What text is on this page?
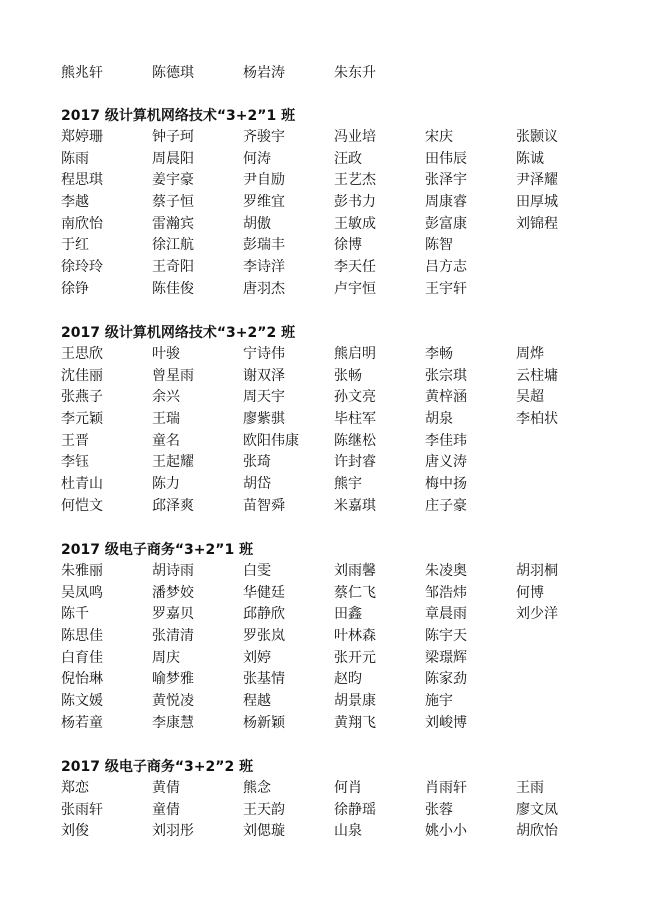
熊兆轩	陈德琪	杨岩涛	朱东升
2017 级计算机网络技术“3+2”1 班
郑婷珊	钟子珂	齐骏宇	冯业培	宋庆	张颢议
陈雨	周晨阳	何涛	汪政	田伟辰	陈诚
程思琪	姜宇豪	尹自励	王艺杰	张泽宇	尹泽耀
李越	蔡子恒	罗维宜	彭书力	周康睿	田厚城
南欣怡	雷瀚宾	胡傲	王敏成	彭富康	刘锦程
于红	徐江航	彭瑞丰	徐博	陈智
徐玲玲	王奇阳	李诗洋	李天任	吕方志
徐铮	陈佳俊	唐羽杰	卢宇恒	王宇轩
2017 级计算机网络技术“3+2”2 班
王思欣	叶骏	宁诗伟	熊启明	李畅	周烨
沈佳丽	曾星雨	谢双泽	张畅	张宗琪	云柱墉
张燕子	余兴	周天宇	孙文亮	黄梓涵	吴超
李元颖	王瑞	廖紫骐	毕柱军	胡泉	李柏状
王晋	童名	欧阳伟康	陈继松	李佳玮
李钰	王起耀	张琦	许封睿	唐义涛
杜青山	陈力	胡岱	熊宇	梅中扬
何恺文	邱泽爽	苗智舜	米嘉琪	庄子豪
2017 级电子商务“3+2”1 班
朱雅丽	胡诗雨	白雯	刘雨馨	朱凌奥	胡羽桐
吴凤鸣	潘梦姣	华健廷	蔡仁飞	邹浩炜	何博
陈千	罗嘉贝	邱静欣	田鑫	章晨雨	刘少洋
陈思佳	张清清	罗张岚	叶林森	陈宇天
白育佳	周庆	刘婷	张开元	梁璟辉
倪怡琳	喻梦雅	张基情	赵昀	陈家劲
陈文媛	黄悦凌	程越	胡景康	施宇
杨若童	李康慧	杨新颖	黄翔飞	刘峻博
2017 级电子商务“3+2”2 班
郑恋	黄倩	熊念	何肖	肖雨轩	王雨
张雨轩	童倩	王天韵	徐静瑶	张蓉	廖文凤
刘俊	刘羽彤	刘偲璇	山泉	姚小小	胡欣怡
